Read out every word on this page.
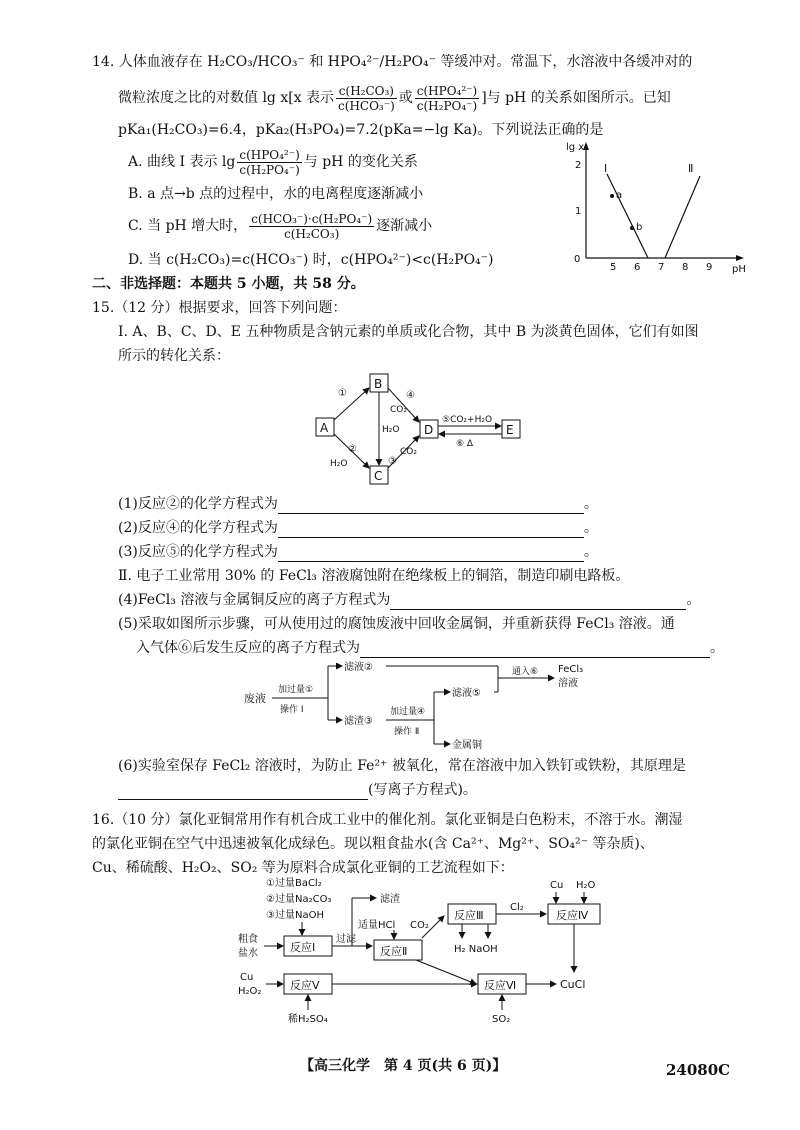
14. 人体血液存在 H₂CO₃/HCO₃⁻ 和 HPO₄²⁻/H₂PO₄⁻ 等缓冲对。常温下，水溶液中各缓冲对的
微粒浓度之比的对数值 lg x[x 表示 $\frac{\text{c(H₂CO₃)}}{\text{c(HCO₃⁻)}}$ 或 $\frac{\text{c(HPO₄²⁻)}}{\text{c(H₂PO₄⁻)}}$ ]与 pH 的关系如图所示。已知
pKa₁(H₂CO₃)=6.4，pKa₂(H₃PO₄)=7.2(pKa=−lg Ka)。下列说法正确的是
A. 曲线 Ⅰ 表示 $\lg \frac{\text{c(HPO₄²⁻)}}{\text{c(H₂PO₄⁻)}}$ 与 pH 的变化关系
B. a 点→b 点的过程中，水的电离程度逐渐减小
C. 当 pH 增大时， $\frac{\text{c(HCO₃⁻)·c(H₂PO₄⁻)}}{\text{c(H₂CO₃)}}$ 逐渐减小
D. 当 c(H₂CO₃)=c(HCO₃⁻) 时，c(HPO₄²⁻)<c(H₂PO₄⁻)
lg x
pH
0
2
1
5 6 7 8 9
Ⅰ	Ⅱ
a
b
二、非选择题：本题共 5 小题，共 58 分。
15.（12 分）根据要求，回答下列问题：
Ⅰ. A、B、C、D、E 五种物质是含钠元素的单质或化合物，其中 B 为淡黄色固体，它们有如图
所示的转化关系：
A
B
C
D	E
①
②
H₂O
H₂O
④
CO₂
③
CO₂
⑤CO₂+H₂O
⑥ Δ
(1)反应②的化学方程式为	。
(2)反应④的化学方程式为	。
(3)反应⑤的化学方程式为	。
Ⅱ. 电子工业常用 30% 的 FeCl₃ 溶液腐蚀附在绝缘板上的铜箔，制造印刷电路板。
(4)FeCl₃ 溶液与金属铜反应的离子方程式为	。
(5)采取如图所示步骤，可从使用过的腐蚀废液中回收金属铜，并重新获得 FeCl₃ 溶液。通
入气体⑥后发生反应的离子方程式为	。
废液
加过量①
操作 Ⅰ
滤液②
滤渣③
加过量④
操作 Ⅱ
滤液⑤
通入⑥ FeCl₃
溶液
金属铜
(6)实验室保存 FeCl₂ 溶液时，为防止 Fe²⁺ 被氧化，常在溶液中加入铁钉或铁粉，其原理是
(写离子方程式)。
16.（10 分）氯化亚铜常用作有机合成工业中的催化剂。氯化亚铜是白色粉末，不溶于水。潮湿
的氯化亚铜在空气中迅速被氧化成绿色。现以粗食盐水(含 Ca²⁺、Mg²⁺、SO₄²⁻ 等杂质)、
Cu、稀硫酸、H₂O₂、SO₂ 等为原料合成氯化亚铜的工艺流程如下：
①过量BaCl₂
②过量Na₂CO₃
③过量NaOH
粗食
盐水	反应Ⅰ
过滤
滤渣
适量HCl CO₂
反应Ⅱ
反应Ⅲ
H₂ NaOH
Cl₂
Cu H₂O
反应Ⅳ
CuCl
Cu
H₂O₂	反应Ⅴ
稀H₂SO₄
反应Ⅵ
SO₂
【高三化学　第 4 页(共 6 页)】	24080C
